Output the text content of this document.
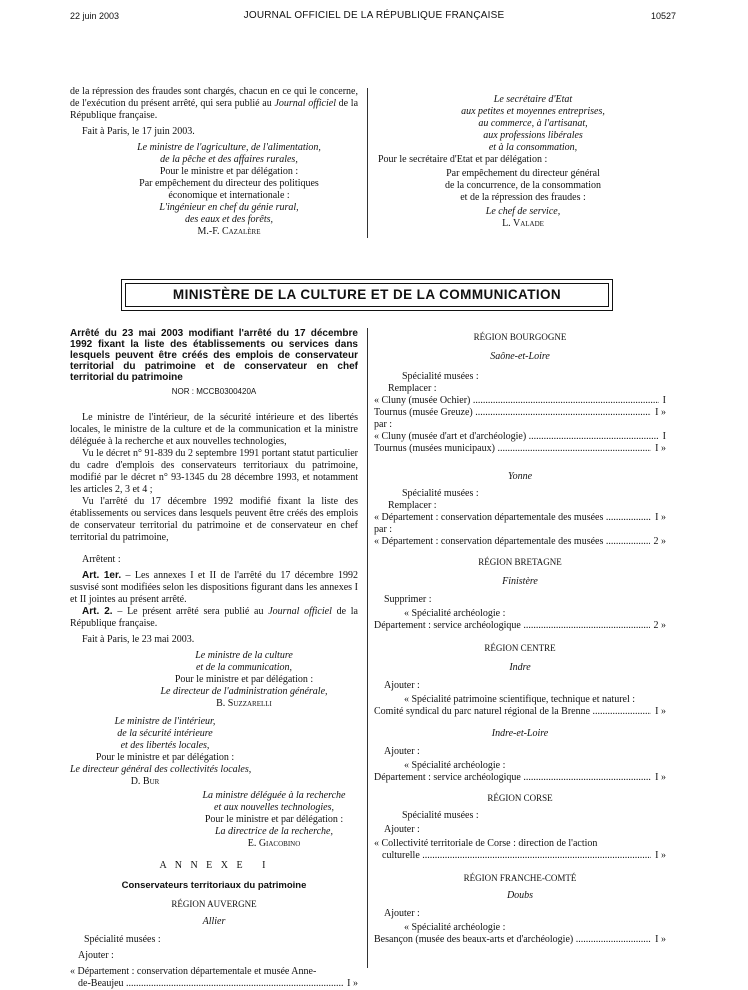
22 juin 2003	JOURNAL OFFICIEL DE LA RÉPUBLIQUE FRANÇAISE	10527

de la répression des fraudes sont chargés, chacun en ce qui le concerne, de l'exécution du présent arrêté, qui sera publié au Journal officiel de la République française.

Fait à Paris, le 17 juin 2003.

Le ministre de l'agriculture, de l'alimentation,

de la pêche et des affaires rurales,

Pour le ministre et par délégation :

Par empêchement du directeur des politiques

économique et internationale :

L'ingénieur en chef du génie rural,

des eaux et des forêts,

M.-F. Cazalère

Le secrétaire d'Etat

aux petites et moyennes entreprises,

au commerce, à l'artisanat,

aux professions libérales

et à la consommation,

Pour le secrétaire d'Etat et par délégation :

Par empêchement du directeur général

de la concurrence, de la consommation

et de la répression des fraudes :

Le chef de service,

L. Valade

MINISTÈRE DE LA CULTURE ET DE LA COMMUNICATION

Arrêté du 23 mai 2003 modifiant l'arrêté du 17 décembre 1992 fixant la liste des établissements ou services dans lesquels peuvent être créés des emplois de conservateur territorial du patrimoine et de conservateur en chef territorial du patrimoine

NOR : MCCB0300420A

Le ministre de l'intérieur, de la sécurité intérieure et des libertés locales, le ministre de la culture et de la communication et la ministre déléguée à la recherche et aux nouvelles technologies,

Vu le décret n° 91-839 du 2 septembre 1991 portant statut particulier du cadre d'emplois des conservateurs territoriaux du patrimoine, modifié par le décret n° 93-1345 du 28 décembre 1993, et notamment les articles 2, 3 et 4 ;

Vu l'arrêté du 17 décembre 1992 modifié fixant la liste des établissements ou services dans lesquels peuvent être créés des emplois de conservateur territorial du patrimoine et de conservateur en chef territorial du patrimoine,

Arrêtent :

Art. 1er. – Les annexes I et II de l'arrêté du 17 décembre 1992 susvisé sont modifiées selon les dispositions figurant dans les annexes I et II jointes au présent arrêté.

Art. 2. – Le présent arrêté sera publié au Journal officiel de la République française.

Fait à Paris, le 23 mai 2003.

Le ministre de la culture

et de la communication,

Pour le ministre et par délégation :

Le directeur de l'administration générale,

B. Suzzarelli

Le ministre de l'intérieur,

de la sécurité intérieure

et des libertés locales,

Pour le ministre et par délégation :

Le directeur général des collectivités locales,

D. Bur

La ministre déléguée à la recherche

et aux nouvelles technologies,

Pour le ministre et par délégation :

La directrice de la recherche,

E. Giacobino

A N N E X E   I

Conservateurs territoriaux du patrimoine

RÉGION AUVERGNE

Allier

Spécialité musées :

Ajouter :

« Département : conservation départementale et musée Anne-

de-Beaujeu .....	I »

RÉGION BOURGOGNE

Saône-et-Loire

Spécialité musées :

Remplacer :

« Cluny (musée Ochier) .....	I
Tournus (musée Greuze) .....	I »

par :

« Cluny (musée d'art et d'archéologie) .....	I
Tournus (musées municipaux) .....	I »

Yonne

Spécialité musées :

Remplacer :

« Département : conservation départementale des musées .....	I »

par :

« Département : conservation départementale des musées .....	2 »

RÉGION BRETAGNE

Finistère

Supprimer :

« Spécialité archéologie :

Département : service archéologique .....	2 »

RÉGION CENTRE

Indre

Ajouter :

« Spécialité patrimoine scientifique, technique et naturel :

Comité syndical du parc naturel régional de la Brenne .....	I »

Indre-et-Loire

Ajouter :

« Spécialité archéologie :

Département : service archéologique .....	I »

RÉGION CORSE

Spécialité musées :

Ajouter :

« Collectivité territoriale de Corse : direction de l'action

culturelle .....	I »

RÉGION FRANCHE-COMTÉ

Doubs

Ajouter :

« Spécialité archéologie :

Besançon (musée des beaux-arts et d'archéologie) .....	I »
